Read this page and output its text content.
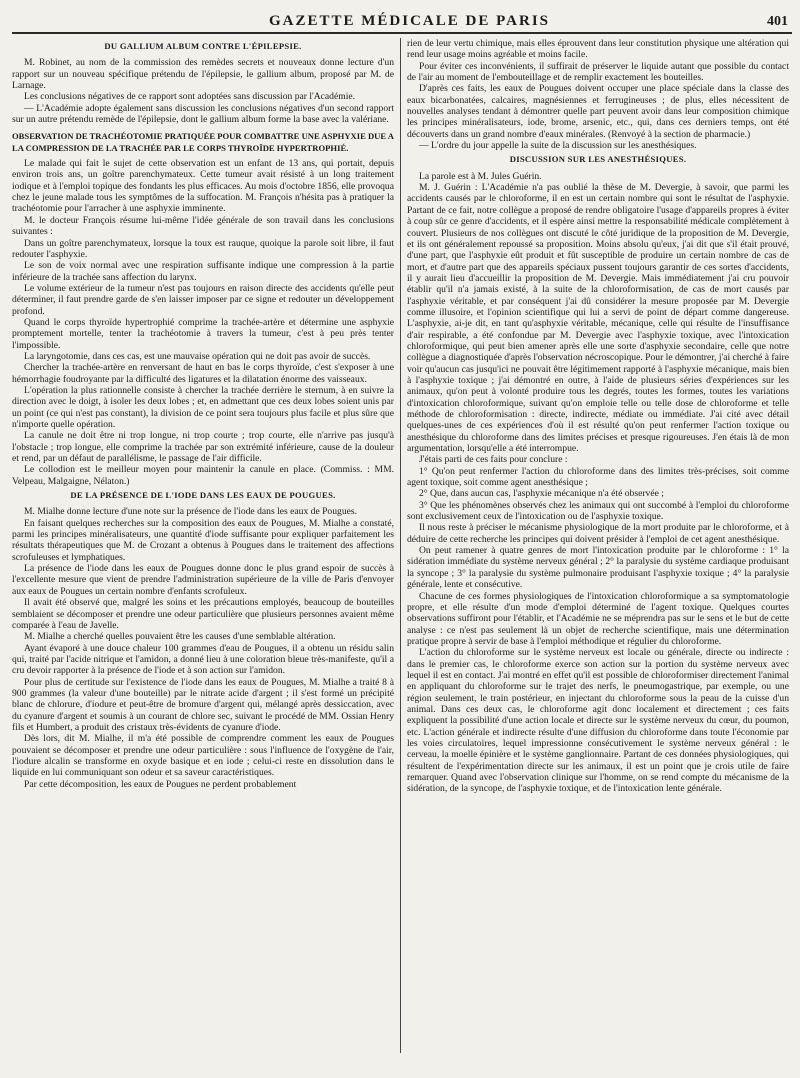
GAZETTE MÉDICALE DE PARIS	401

DU GALLIUM ALBUM CONTRE L'ÉPILEPSIE.

M. Robinet, au nom de la commission des remèdes secrets et nouveaux donne lecture d'un rapport sur un nouveau spécifique prétendu de l'épilepsie, le gallium album, proposé par M. de Larnage.

Les conclusions négatives de ce rapport sont adoptées sans discussion par l'Académie.

— L'Académie adopte également sans discussion les conclusions négatives d'un second rapport sur un autre prétendu remède de l'épilepsie, dont le gallium album forme la base avec la valériane.

OBSERVATION DE TRACHÉOTOMIE PRATIQUÉE POUR COMBATTRE UNE ASPHYXIE DUE A LA COMPRESSION DE LA TRACHÉE PAR LE CORPS THYROÏDE HYPERTROPHIÉ.

Le malade qui fait le sujet de cette observation est un enfant de 13 ans, qui portait, depuis environ trois ans, un goître parenchymateux. Cette tumeur avait résisté à un long traitement iodique et à l'emploi topique des fondants les plus efficaces. Au mois d'octobre 1856, elle provoqua chez le jeune malade tous les symptômes de la suffocation. M. François n'hésita pas à pratiquer la trachéotomie pour l'arracher à une asphyxie imminente.

M. le docteur François résume lui-même l'idée générale de son travail dans les conclusions suivantes :

Dans un goître parenchymateux, lorsque la toux est rauque, quoique la parole soit libre, il faut redouter l'asphyxie.

Le son de voix normal avec une respiration suffisante indique une compression à la partie inférieure de la trachée sans affection du larynx.

Le volume extérieur de la tumeur n'est pas toujours en raison directe des accidents qu'elle peut déterminer, il faut prendre garde de s'en laisser imposer par ce signe et redouter un développement profond.

Quand le corps thyroïde hypertrophié comprime la trachée-artère et détermine une asphyxie promptement mortelle, tenter la trachéotomie à travers la tumeur, c'est à peu près tenter l'impossible.

La laryngotomie, dans ces cas, est une mauvaise opération qui ne doit pas avoir de succès.

Chercher la trachée-artère en renversant de haut en bas le corps thyroïde, c'est s'exposer à une hémorrhagie foudroyante par la difficulté des ligatures et la dilatation énorme des vaisseaux.

L'opération la plus rationnelle consiste à chercher la trachée derrière le sternum, à en suivre la direction avec le doigt, à isoler les deux lobes ; et, en admettant que ces deux lobes soient unis par un point (ce qui n'est pas constant), la division de ce point sera toujours plus facile et plus sûre que n'importe quelle opération.

La canule ne doit être ni trop longue, ni trop courte ; trop courte, elle n'arrive pas jusqu'à l'obstacle ; trop longue, elle comprime la trachée par son extrémité inférieure, cause de la douleur et rend, par un défaut de parallélisme, le passage de l'air difficile.

Le collodion est le meilleur moyen pour maintenir la canule en place. (Commiss. : MM. Velpeau, Malgaigne, Nélaton.)

DE LA PRÉSENCE DE L'IODE DANS LES EAUX DE POUGUES.

M. Mialhe donne lecture d'une note sur la présence de l'iode dans les eaux de Pougues.

En faisant quelques recherches sur la composition des eaux de Pougues, M. Mialhe a constaté, parmi les principes minéralisateurs, une quantité d'iode suffisante pour expliquer parfaitement les résultats thérapeutiques que M. de Crozant a obtenus à Pougues dans le traitement des affections scrofuleuses et lymphatiques.

La présence de l'iode dans les eaux de Pougues donne donc le plus grand espoir de succès à l'excellente mesure que vient de prendre l'administration supérieure de la ville de Paris d'envoyer aux eaux de Pougues un certain nombre d'enfants scrofuleux.

Il avait été observé que, malgré les soins et les précautions employés, beaucoup de bouteilles semblaient se décomposer et prendre une odeur particulière que plusieurs personnes avaient même comparée à l'eau de Javelle.

M. Mialhe a cherché quelles pouvaient être les causes d'une semblable altération.

Ayant évaporé à une douce chaleur 100 grammes d'eau de Pougues, il a obtenu un résidu salin qui, traité par l'acide nitrique et l'amidon, a donné lieu à une coloration bleue très-manifeste, qu'il a cru devoir rapporter à la présence de l'iode et à son action sur l'amidon.

Pour plus de certitude sur l'existence de l'iode dans les eaux de Pougues, M. Mialhe a traité 8 à 900 grammes (la valeur d'une bouteille) par le nitrate acide d'argent ; il s'est formé un précipité blanc de chlorure, d'iodure et peut-être de bromure d'argent qui, mélangé après dessiccation, avec du cyanure d'argent et soumis à un courant de chlore sec, suivant le procédé de MM. Ossian Henry fils et Humbert, a produit des cristaux très-évidents de cyanure d'iode.

Dès lors, dit M. Mialhe, il m'a été possible de comprendre comment les eaux de Pougues pouvaient se décomposer et prendre une odeur particulière : sous l'influence de l'oxygène de l'air, l'iodure alcalin se transforme en oxyde basique et en iode ; celui-ci reste en dissolution dans le liquide en lui communiquant son odeur et sa saveur caractéristiques.

Par cette décomposition, les eaux de Pougues ne perdent probablement

rien de leur vertu chimique, mais elles éprouvent dans leur constitution physique une altération qui rend leur usage moins agréable et moins facile.

Pour éviter ces inconvénients, il suffirait de préserver le liquide autant que possible du contact de l'air au moment de l'embouteillage et de remplir exactement les bouteilles.

D'après ces faits, les eaux de Pougues doivent occuper une place spéciale dans la classe des eaux bicarbonatées, calcaires, magnésiennes et ferrugineuses ; de plus, elles nécessitent de nouvelles analyses tendant à démontrer quelle part peuvent avoir dans leur composition chimique les principes minéralisateurs, iode, brome, arsenic, etc., qui, dans ces derniers temps, ont été découverts dans un grand nombre d'eaux minérales. (Renvoyé à la section de pharmacie.)

— L'ordre du jour appelle la suite de la discussion sur les anesthésiques.

DISCUSSION SUR LES ANESTHÉSIQUES.

La parole est à M. Jules Guérin.

M. J. Guérin : L'Académie n'a pas oublié la thèse de M. Devergie, à savoir, que parmi les accidents causés par le chloroforme, il en est un certain nombre qui sont le résultat de l'asphyxie. Partant de ce fait, notre collègue a proposé de rendre obligatoire l'usage d'appareils propres à éviter à coup sûr ce genre d'accidents, et il espère ainsi mettre la responsabilité médicale complètement à couvert. Plusieurs de nos collègues ont discuté le côté juridique de la proposition de M. Devergie, et ils ont généralement repoussé sa proposition. Moins absolu qu'eux, j'ai dit que s'il était prouvé, d'une part, que l'asphyxie eût produit et fût susceptible de produire un certain nombre de cas de mort, et d'autre part que des appareils spéciaux pussent toujours garantir de ces sortes d'accidents, il y aurait lieu d'accueillir la proposition de M. Devergie. Mais immédiatement j'ai cru pouvoir établir qu'il n'a jamais existé, à la suite de la chloroformisation, de cas de mort causés par l'asphyxie véritable, et par conséquent j'ai dû considérer la mesure proposée par M. Devergie comme illusoire, et l'opinion scientifique qui lui a servi de point de départ comme dangereuse. L'asphyxie, ai-je dit, en tant qu'asphyxie véritable, mécanique, celle qui résulte de l'insuffisance d'air respirable, a été confondue par M. Devergie avec l'asphyxie toxique, avec l'intoxication chloroformique, qui peut bien amener après elle une sorte d'asphyxie secondaire, celle que notre collègue a diagnostiquée d'après l'observation nécroscopique. Pour le démontrer, j'ai cherché à faire voir qu'aucun cas jusqu'ici ne pouvait être légitimement rapporté à l'asphyxie mécanique, mais bien à l'asphyxie toxique ; j'ai démontré en outre, à l'aide de plusieurs séries d'expériences sur les animaux, qu'on peut à volonté produire tous les degrés, toutes les formes, toutes les variations d'intoxication chloroformique, suivant qu'on emploie telle ou telle dose de chloroforme et telle méthode de chloroformisation : directe, indirecte, médiate ou immédiate. J'ai cité avec détail quelques-unes de ces expériences d'où il est résulté qu'on peut renfermer l'action toxique ou anesthésique du chloroforme dans des limites précises et presque rigoureuses. J'en étais là de mon argumentation, lorsqu'elle a été interrompue.

J'étais parti de ces faits pour conclure :

1° Qu'on peut renfermer l'action du chloroforme dans des limites très-précises, soit comme agent toxique, soit comme agent anesthésique ;

2° Que, dans aucun cas, l'asphyxie mécanique n'a été observée ;

3° Que les phénomènes observés chez les animaux qui ont succombé à l'emploi du chloroforme sont exclusivement ceux de l'intoxication ou de l'asphyxie toxique.

Il nous reste à préciser le mécanisme physiologique de la mort produite par le chloroforme, et à déduire de cette recherche les principes qui doivent présider à l'emploi de cet agent anesthésique.

On peut ramener à quatre genres de mort l'intoxication produite par le chloroforme : 1° la sidération immédiate du système nerveux général ; 2° la paralysie du système cardiaque produisant la syncope ; 3° la paralysie du système pulmonaire produisant l'asphyxie toxique ; 4° la paralysie générale, lente et consécutive.

Chacune de ces formes physiologiques de l'intoxication chloroformique a sa symptomatologie propre, et elle résulte d'un mode d'emploi déterminé de l'agent toxique. Quelques courtes observations suffiront pour l'établir, et l'Académie ne se méprendra pas sur le sens et le but de cette analyse : ce n'est pas seulement là un objet de recherche scientifique, mais une détermination pratique propre à servir de base à l'emploi méthodique et régulier du chloroforme.

L'action du chloroforme sur le système nerveux est locale ou générale, directe ou indirecte : dans le premier cas, le chloroforme exerce son action sur la portion du système nerveux avec lequel il est en contact. J'ai montré en effet qu'il est possible de chloroformiser directement l'animal en appliquant du chloroforme sur le trajet des nerfs, le pneumogastrique, par exemple, ou une région seulement, le train postérieur, en injectant du chloroforme sous la peau de la cuisse d'un animal. Dans ces deux cas, le chloroforme agit donc localement et directement ; ces faits expliquent la possibilité d'une action locale et directe sur le système nerveux du cœur, du poumon, etc. L'action générale et indirecte résulte d'une diffusion du chloroforme dans toute l'économie par les voies circulatoires, lequel impressionne consécutivement le système nerveux général : le cerveau, la moelle épinière et le système ganglionnaire. Partant de ces données physiologiques, qui résultent de l'expérimentation directe sur les animaux, il est un point que je crois utile de faire remarquer. Quand avec l'observation clinique sur l'homme, on se rend compte du mécanisme de la sidération, de la syncope, de l'asphyxie toxique, et de l'intoxication lente générale.
